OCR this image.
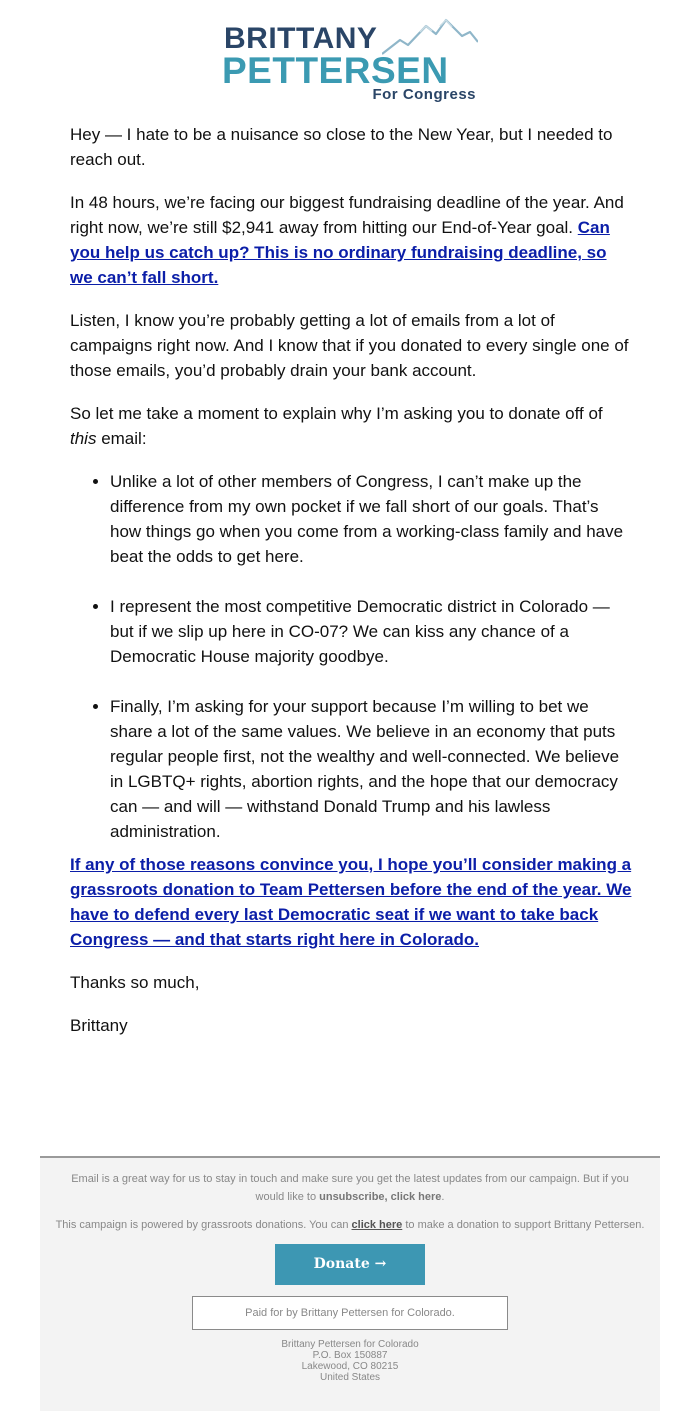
BRITTANY
PETTERSEN
For Congress

Hey — I hate to be a nuisance so close to the New Year, but I needed to reach out.

In 48 hours, we’re facing our biggest fundraising deadline of the year. And right now, we’re still $2,941 away from hitting our End-of-Year goal. Can you help us catch up? This is no ordinary fundraising deadline, so we can’t fall short.

Listen, I know you’re probably getting a lot of emails from a lot of campaigns right now. And I know that if you donated to every single one of those emails, you’d probably drain your bank account.

So let me take a moment to explain why I’m asking you to donate off of this email:

• Unlike a lot of other members of Congress, I can’t make up the difference from my own pocket if we fall short of our goals. That’s how things go when you come from a working-class family and have beat the odds to get here.
• I represent the most competitive Democratic district in Colorado — but if we slip up here in CO-07? We can kiss any chance of a Democratic House majority goodbye.
• Finally, I’m asking for your support because I’m willing to bet we share a lot of the same values. We believe in an economy that puts regular people first, not the wealthy and well-connected. We believe in LGBTQ+ rights, abortion rights, and the hope that our democracy can — and will — withstand Donald Trump and his lawless administration.

If any of those reasons convince you, I hope you’ll consider making a grassroots donation to Team Pettersen before the end of the year. We have to defend every last Democratic seat if we want to take back Congress — and that starts right here in Colorado.

Thanks so much,

Brittany

Email is a great way for us to stay in touch and make sure you get the latest updates from our campaign. But if you would like to unsubscribe, click here.
This campaign is powered by grassroots donations. You can click here to make a donation to support Brittany Pettersen.
Donate →
Paid for by Brittany Pettersen for Colorado.
Brittany Pettersen for Colorado
P.O. Box 150887
Lakewood, CO 80215
United States
